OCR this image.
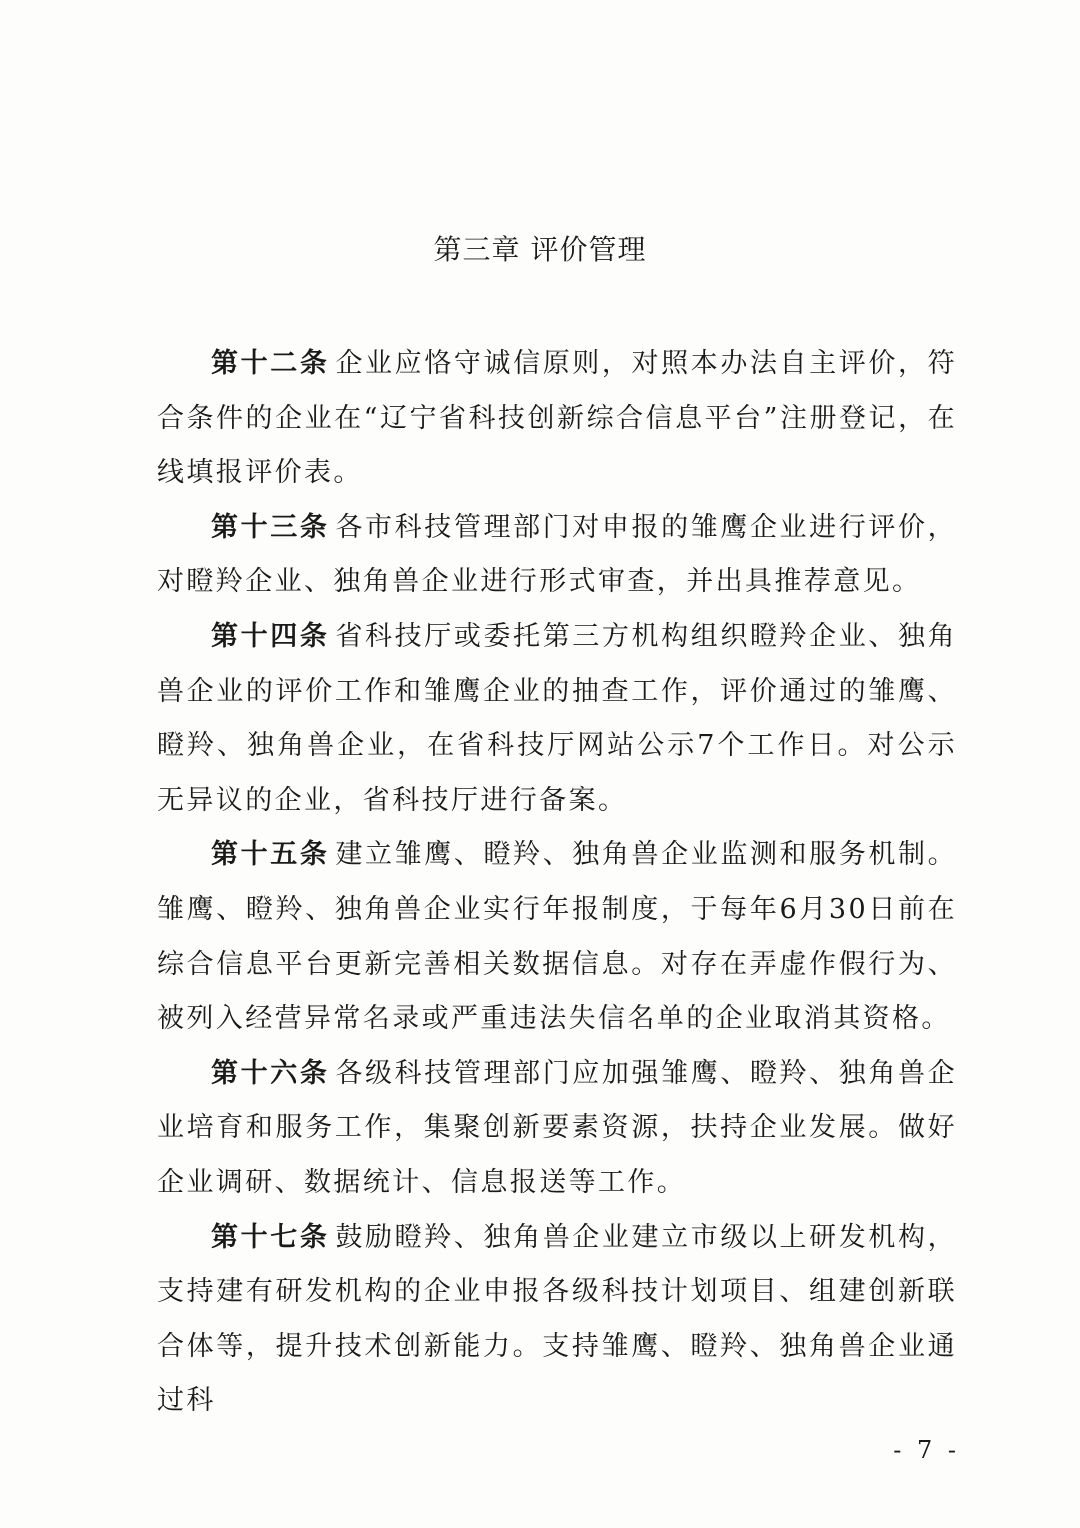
第三章 评价管理

第十二条 企业应恪守诚信原则，对照本办法自主评价，符合条件的企业在“辽宁省科技创新综合信息平台”注册登记，在线填报评价表。

第十三条 各市科技管理部门对申报的雏鹰企业进行评价，对瞪羚企业、独角兽企业进行形式审查，并出具推荐意见。

第十四条 省科技厅或委托第三方机构组织瞪羚企业、独角兽企业的评价工作和雏鹰企业的抽查工作，评价通过的雏鹰、瞪羚、独角兽企业，在省科技厅网站公示7个工作日。对公示无异议的企业，省科技厅进行备案。

第十五条 建立雏鹰、瞪羚、独角兽企业监测和服务机制。雏鹰、瞪羚、独角兽企业实行年报制度，于每年6月30日前在综合信息平台更新完善相关数据信息。对存在弄虚作假行为、被列入经营异常名录或严重违法失信名单的企业取消其资格。

第十六条 各级科技管理部门应加强雏鹰、瞪羚、独角兽企业培育和服务工作，集聚创新要素资源，扶持企业发展。做好企业调研、数据统计、信息报送等工作。

第十七条 鼓励瞪羚、独角兽企业建立市级以上研发机构，支持建有研发机构的企业申报各级科技计划项目、组建创新联合体等，提升技术创新能力。支持雏鹰、瞪羚、独角兽企业通过科

- 7 -
